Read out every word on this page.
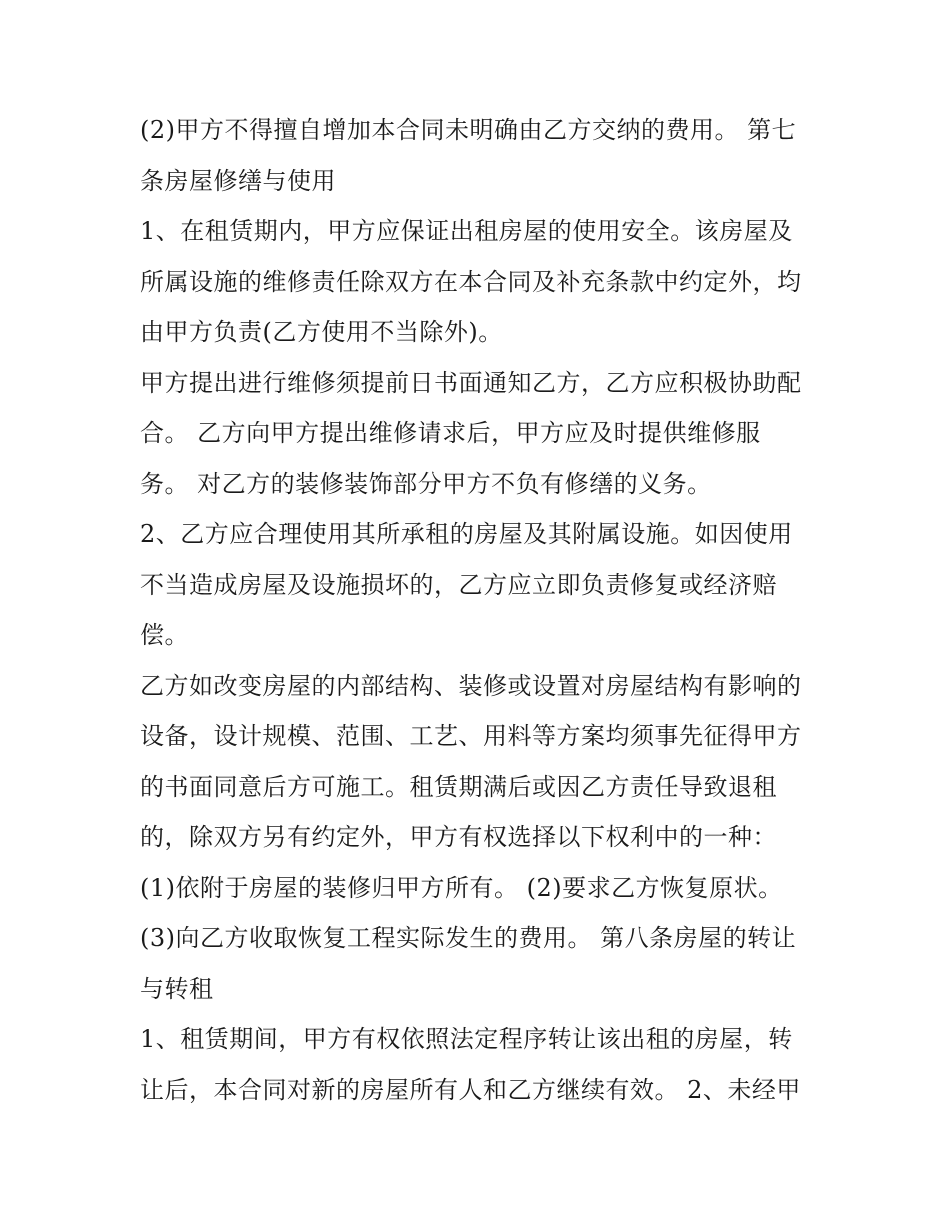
(2)甲方不得擅自增加本合同未明确由乙方交纳的费用。 第七
条房屋修缮与使用
1、在租赁期内，甲方应保证出租房屋的使用安全。该房屋及
所属设施的维修责任除双方在本合同及补充条款中约定外，均
由甲方负责(乙方使用不当除外)。
甲方提出进行维修须提前日书面通知乙方，乙方应积极协助配
合。 乙方向甲方提出维修请求后，甲方应及时提供维修服
务。 对乙方的装修装饰部分甲方不负有修缮的义务。
2、乙方应合理使用其所承租的房屋及其附属设施。如因使用
不当造成房屋及设施损坏的，乙方应立即负责修复或经济赔
偿。
乙方如改变房屋的内部结构、装修或设置对房屋结构有影响的
设备，设计规模、范围、工艺、用料等方案均须事先征得甲方
的书面同意后方可施工。租赁期满后或因乙方责任导致退租
的，除双方另有约定外，甲方有权选择以下权利中的一种：
(1)依附于房屋的装修归甲方所有。 (2)要求乙方恢复原状。
(3)向乙方收取恢复工程实际发生的费用。 第八条房屋的转让
与转租
1、租赁期间，甲方有权依照法定程序转让该出租的房屋，转
让后，本合同对新的房屋所有人和乙方继续有效。 2、未经甲
